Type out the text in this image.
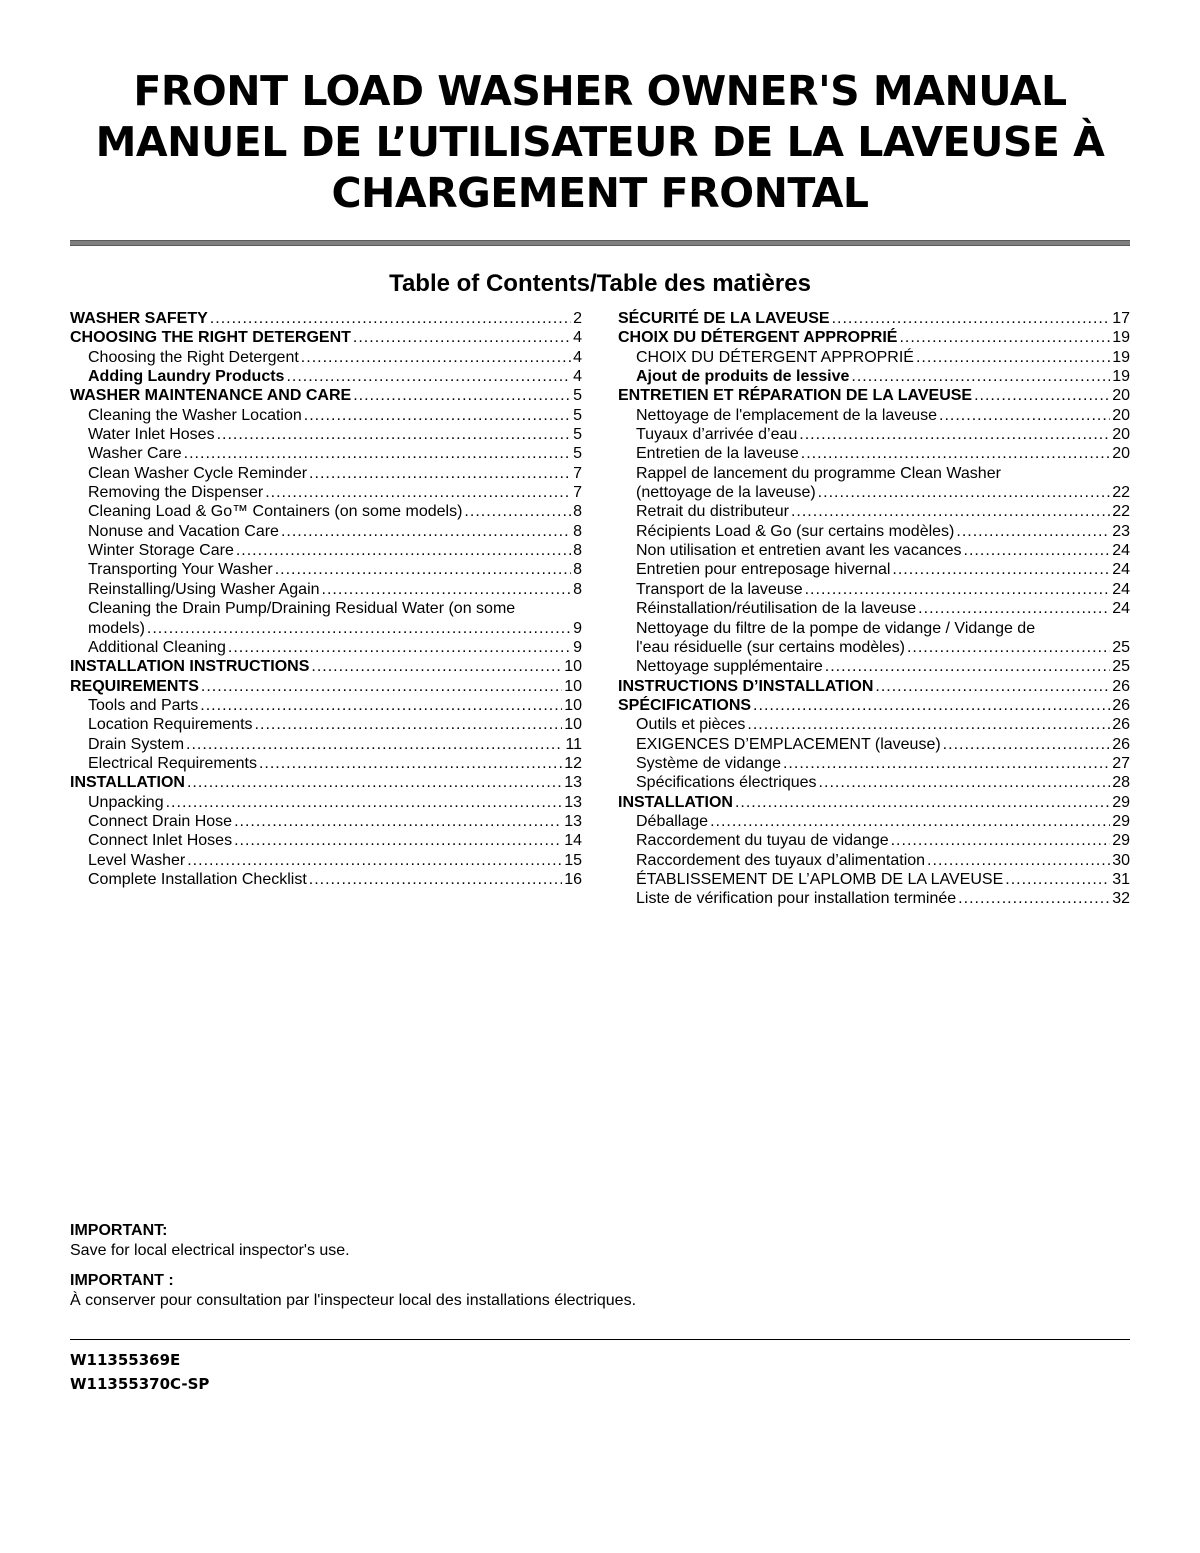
FRONT LOAD WASHER OWNER'S MANUAL
MANUEL DE L’UTILISATEUR DE LA LAVEUSE À
CHARGEMENT FRONTAL
Table of Contents/Table des matières
WASHER SAFETY .....	2
CHOOSING THE RIGHT DETERGENT .....	4
Choosing the Right Detergent .....	4
Adding Laundry Products .....	4
WASHER MAINTENANCE AND CARE .....	5
Cleaning the Washer Location .....	5
Water Inlet Hoses .....	5
Washer Care .....	5
Clean Washer Cycle Reminder .....	7
Removing the Dispenser .....	7
Cleaning Load & Go™ Containers (on some models) .....	8
Nonuse and Vacation Care .....	8
Winter Storage Care .....	8
Transporting Your Washer .....	8
Reinstalling/Using Washer Again .....	8
Cleaning the Drain Pump/Draining Residual Water (on some
models) .....	9
Additional Cleaning .....	9
INSTALLATION INSTRUCTIONS .....	10
REQUIREMENTS .....	10
Tools and Parts .....	10
Location Requirements .....	10
Drain System .....	11
Electrical Requirements .....	12
INSTALLATION .....	13
Unpacking .....	13
Connect Drain Hose .....	13
Connect Inlet Hoses .....	14
Level Washer .....	15
Complete Installation Checklist .....	16
SÉCURITÉ DE LA LAVEUSE .....	17
CHOIX DU DÉTERGENT APPROPRIÉ .....	19
CHOIX DU DÉTERGENT APPROPRIÉ .....	19
Ajout de produits de lessive .....	19
ENTRETIEN ET RÉPARATION DE LA LAVEUSE .....	20
Nettoyage de l'emplacement de la laveuse .....	20
Tuyaux d’arrivée d’eau .....	20
Entretien de la laveuse .....	20
Rappel de lancement du programme Clean Washer
(nettoyage de la laveuse) .....	22
Retrait du distributeur .....	22
Récipients Load & Go (sur certains modèles) .....	23
Non utilisation et entretien avant les vacances .....	24
Entretien pour entreposage hivernal .....	24
Transport de la laveuse .....	24
Réinstallation/réutilisation de la laveuse .....	24
Nettoyage du filtre de la pompe de vidange / Vidange de
l'eau résiduelle (sur certains modèles) .....	25
Nettoyage supplémentaire .....	25
INSTRUCTIONS D’INSTALLATION .....	26
SPÉCIFICATIONS .....	26
Outils et pièces .....	26
EXIGENCES D’EMPLACEMENT (laveuse) .....	26
Système de vidange .....	27
Spécifications électriques .....	28
INSTALLATION .....	29
Déballage .....	29
Raccordement du tuyau de vidange .....	29
Raccordement des tuyaux d’alimentation .....	30
ÉTABLISSEMENT DE L’APLOMB DE LA LAVEUSE .....	31
Liste de vérification pour installation terminée .....	32
IMPORTANT:
Save for local electrical inspector's use.
IMPORTANT :
À conserver pour consultation par l'inspecteur local des installations électriques.
W11355369E
W11355370C-SP
